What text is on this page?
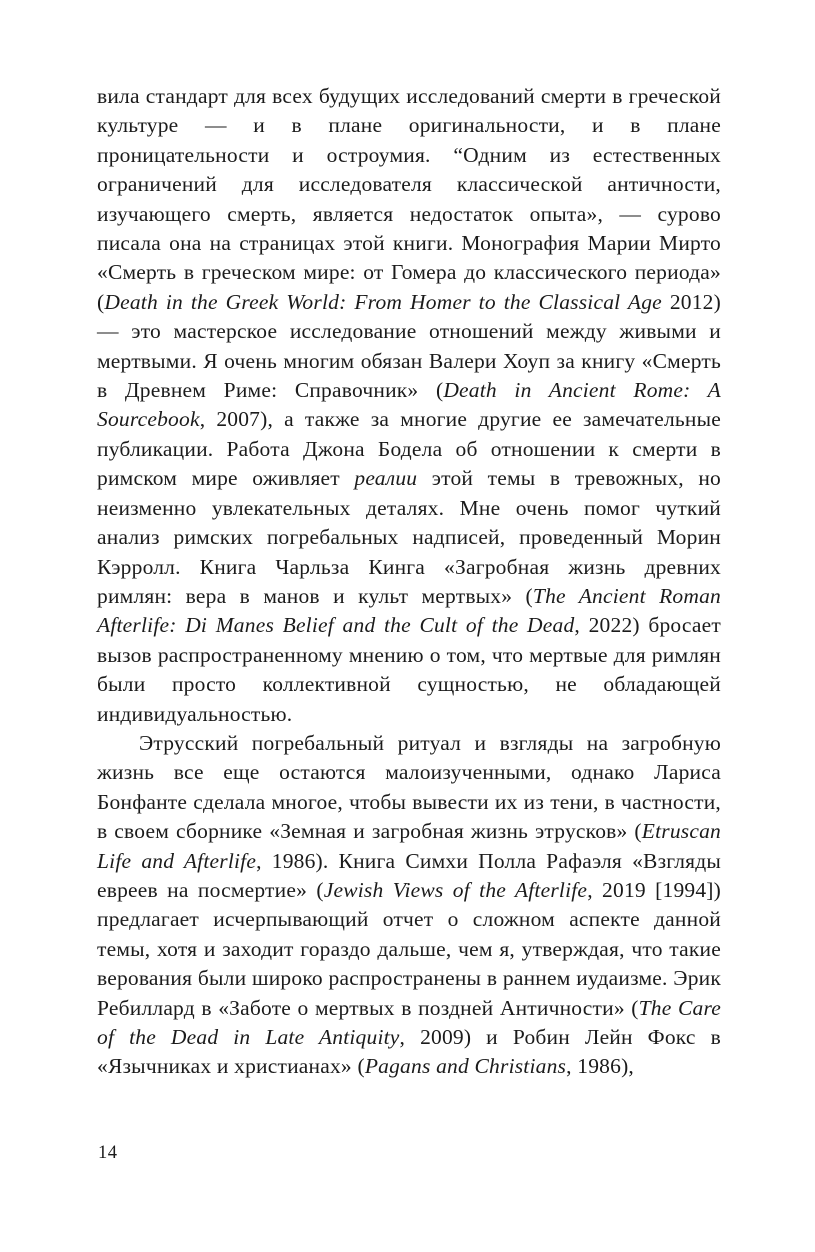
вила стандарт для всех будущих исследований смерти в греческой культуре — и в плане оригинальности, и в плане проницательности и остроумия. “Одним из естественных ограничений для исследователя классической античности, изучающего смерть, является недостаток опыта», — сурово писала она на страницах этой книги. Монография Марии Мирто «Смерть в греческом мире: от Гомера до классического периода» (Death in the Greek World: From Homer to the Classical Age 2012) — это мастерское исследование отношений между живыми и мертвыми. Я очень многим обязан Валери Хоуп за книгу «Смерть в Древнем Риме: Справочник» (Death in Ancient Rome: A Sourcebook, 2007), а также за многие другие ее замечательные публикации. Работа Джона Бодела об отношении к смерти в римском мире оживляет реалии этой темы в тревожных, но неизменно увлекательных деталях. Мне очень помог чуткий анализ римских погребальных надписей, проведенный Морин Кэрролл. Книга Чарльза Кинга «Загробная жизнь древних римлян: вера в манов и культ мертвых» (The Ancient Roman Afterlife: Di Manes Belief and the Cult of the Dead, 2022) бросает вызов распространенному мнению о том, что мертвые для римлян были просто коллективной сущностью, не обладающей индивидуальностью.

Этрусский погребальный ритуал и взгляды на загробную жизнь все еще остаются малоизученными, однако Лариса Бонфанте сделала многое, чтобы вывести их из тени, в частности, в своем сборнике «Земная и загробная жизнь этрусков» (Etruscan Life and Afterlife, 1986). Книга Симхи Полла Рафаэля «Взгляды евреев на посмертие» (Jewish Views of the Afterlife, 2019 [1994]) предлагает исчерпывающий отчет о сложном аспекте данной темы, хотя и заходит гораздо дальше, чем я, утверждая, что такие верования были широко распространены в раннем иудаизме. Эрик Ребиллард в «Заботе о мертвых в поздней Античности» (The Care of the Dead in Late Antiquity, 2009) и Робин Лейн Фокс в «Язычниках и христианах» (Pagans and Christians, 1986),

14
